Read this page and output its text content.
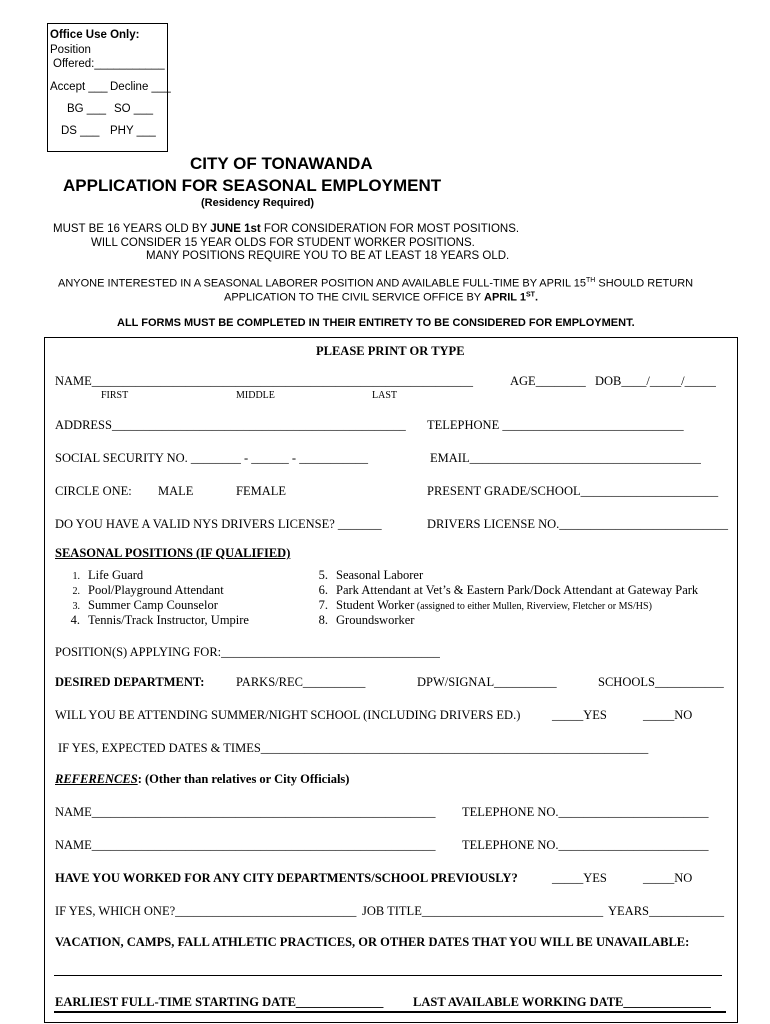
Office Use Only:
Position
Offered:___________
Accept ___ Decline ___
BG ___ SO ___
DS ___ PHY ___
CITY OF TONAWANDA
APPLICATION FOR SEASONAL EMPLOYMENT
(Residency Required)
MUST BE 16 YEARS OLD BY JUNE 1st FOR CONSIDERATION FOR MOST POSITIONS.
WILL CONSIDER 15 YEAR OLDS FOR STUDENT WORKER POSITIONS.
MANY POSITIONS REQUIRE YOU TO BE AT LEAST 18 YEARS OLD.
ANYONE INTERESTED IN A SEASONAL LABORER POSITION AND AVAILABLE FULL-TIME BY APRIL 15TH SHOULD RETURN
APPLICATION TO THE CIVIL SERVICE OFFICE BY APRIL 1ST.
ALL FORMS MUST BE COMPLETED IN THEIR ENTIRETY TO BE CONSIDERED FOR EMPLOYMENT.
PLEASE PRINT OR TYPE
NAME_____________________________________________________________	AGE________ DOB____/_____/_____
FIRST	MIDDLE	LAST
ADDRESS_______________________________________________ TELEPHONE _____________________________
SOCIAL SECURITY NO. ________ - ______ - ___________	EMAIL_____________________________________
CIRCLE ONE: MALE	FEMALE	PRESENT GRADE/SCHOOL______________________
DO YOU HAVE A VALID NYS DRIVERS LICENSE? _______	DRIVERS LICENSE NO.___________________________
SEASONAL POSITIONS (IF QUALIFIED)
1. Life Guard
2. Pool/Playground Attendant
3. Summer Camp Counselor
4. Tennis/Track Instructor, Umpire
5. Seasonal Laborer
6. Park Attendant at Vet’s & Eastern Park/Dock Attendant at Gateway Park
7. Student Worker (assigned to either Mullen, Riverview, Fletcher or MS/HS)
8. Groundsworker
POSITION(S) APPLYING FOR:___________________________________
DESIRED DEPARTMENT:	PARKS/REC__________	DPW/SIGNAL__________	SCHOOLS___________
WILL YOU BE ATTENDING SUMMER/NIGHT SCHOOL (INCLUDING DRIVERS ED.)	_____YES	_____NO
IF YES, EXPECTED DATES & TIMES______________________________________________________________
REFERENCES: (Other than relatives or City Officials)
NAME_______________________________________________________ TELEPHONE NO.________________________
NAME_______________________________________________________ TELEPHONE NO.________________________
HAVE YOU WORKED FOR ANY CITY DEPARTMENTS/SCHOOL PREVIOUSLY?	_____YES	_____NO
IF YES, WHICH ONE?_____________________________ JOB TITLE_____________________________ YEARS____________
VACATION, CAMPS, FALL ATHLETIC PRACTICES, OR OTHER DATES THAT YOU WILL BE UNAVAILABLE:
EARLIEST FULL-TIME STARTING DATE______________ LAST AVAILABLE WORKING DATE______________
